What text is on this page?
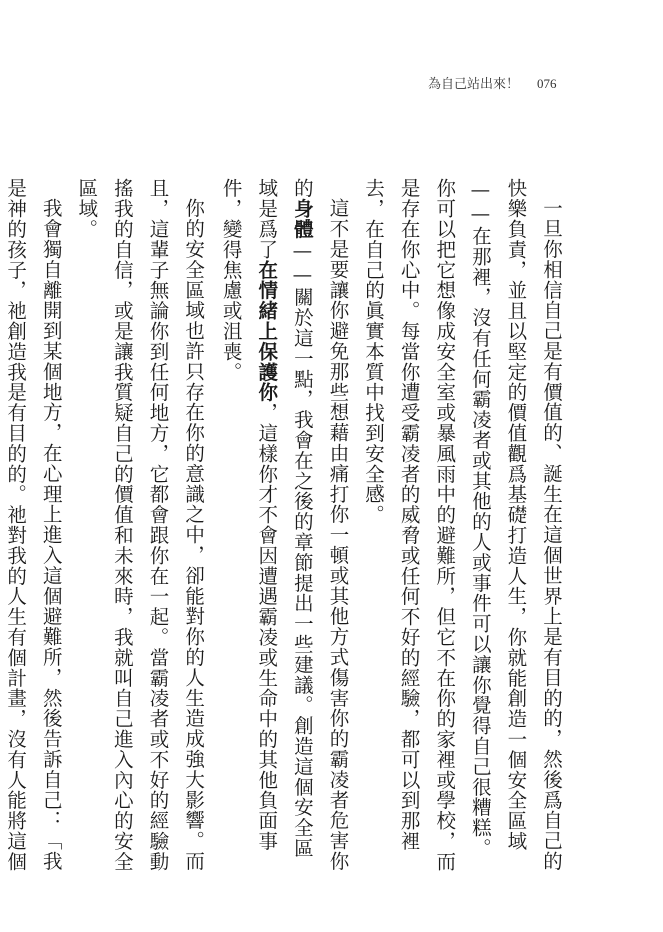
為自己站出來！ 076

一旦你相信自己是有價值的、誕生在這個世界上是有目的的，然後爲自己的快樂負責，並且以堅定的價值觀爲基礎打造人生，你就能創造一個安全區域——在那裡，沒有任何霸凌者或其他的人或事件可以讓你覺得自己很糟糕。你可以把它想像成安全室或暴風雨中的避難所，但它不在你的家裡或學校，而是存在你心中。每當你遭受霸凌者的威脅或任何不好的經驗，都可以到那裡去，在自己的眞實本質中找到安全感。

這不是要讓你避免那些想藉由痛打你一頓或其他方式傷害你的霸凌者危害你的身體——關於這一點，我會在之後的章節提出一些建議。創造這個安全區域是爲了在情緒上保護你，這樣你才不會因遭遇霸凌或生命中的其他負面事件，變得焦慮或沮喪。

你的安全區域也許只存在你的意識之中，卻能對你的人生造成強大影響。而且，這輩子無論你到任何地方，它都會跟你在一起。當霸凌者或不好的經驗動搖我的自信，或是讓我質疑自己的價值和未來時，我就叫自己進入內心的安全區域。

我會獨自離開到某個地方，在心理上進入這個避難所，然後告訴自己：「我是神的孩子，祂創造我是有目的的。祂對我的人生有個計畫，沒有人能將這個
